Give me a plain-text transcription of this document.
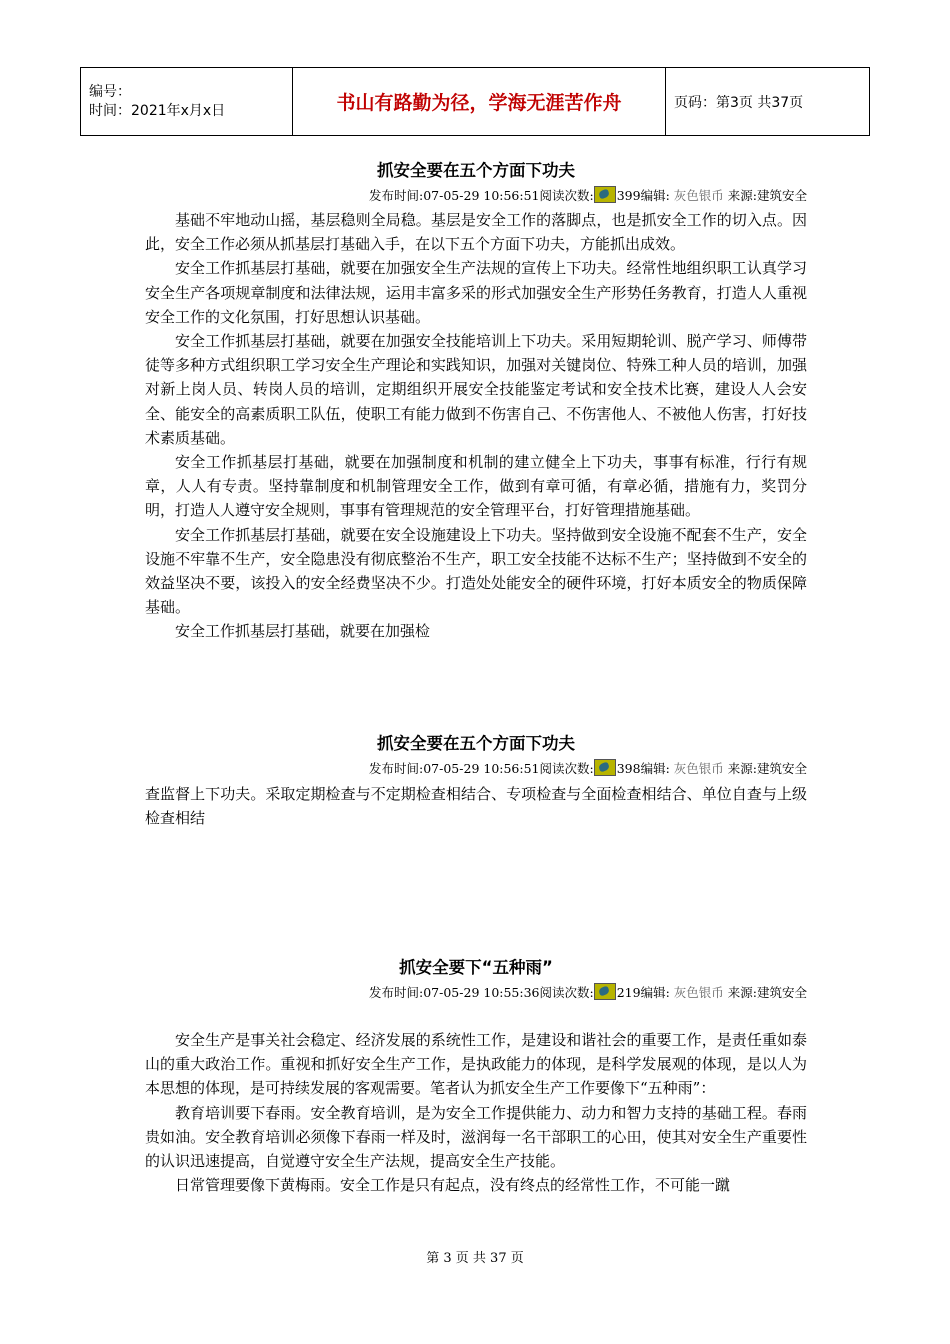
编号：
时间：2021年x月x日	书山有路勤为径，学海无涯苦作舟	页码：第3页 共37页
抓安全要在五个方面下功夫
发布时间:07-05-29 10:56:51阅读次数: 399编辑: 灰色银币 来源:建筑安全

基础不牢地动山摇，基层稳则全局稳。基层是安全工作的落脚点，也是抓安全工作的切入点。因此，安全工作必须从抓基层打基础入手，在以下五个方面下功夫，方能抓出成效。

安全工作抓基层打基础，就要在加强安全生产法规的宣传上下功夫。经常性地组织职工认真学习安全生产各项规章制度和法律法规，运用丰富多采的形式加强安全生产形势任务教育，打造人人重视安全工作的文化氛围，打好思想认识基础。

安全工作抓基层打基础，就要在加强安全技能培训上下功夫。采用短期轮训、脱产学习、师傅带徒等多种方式组织职工学习安全生产理论和实践知识，加强对关键岗位、特殊工种人员的培训，加强对新上岗人员、转岗人员的培训，定期组织开展安全技能鉴定考试和安全技术比赛，建设人人会安全、能安全的高素质职工队伍，使职工有能力做到不伤害自己、不伤害他人、不被他人伤害，打好技术素质基础。

安全工作抓基层打基础，就要在加强制度和机制的建立健全上下功夫，事事有标准，行行有规章，人人有专责。坚持靠制度和机制管理安全工作，做到有章可循，有章必循，措施有力，奖罚分明，打造人人遵守安全规则，事事有管理规范的安全管理平台，打好管理措施基础。

安全工作抓基层打基础，就要在安全设施建设上下功夫。坚持做到安全设施不配套不生产，安全设施不牢靠不生产，安全隐患没有彻底整治不生产，职工安全技能不达标不生产；坚持做到不安全的效益坚决不要，该投入的安全经费坚决不少。打造处处能安全的硬件环境，打好本质安全的物质保障基础。

安全工作抓基层打基础，就要在加强检

抓安全要在五个方面下功夫
发布时间:07-05-29 10:56:51阅读次数: 398编辑: 灰色银币 来源:建筑安全

查监督上下功夫。采取定期检查与不定期检查相结合、专项检查与全面检查相结合、单位自查与上级检查相结

抓安全要下“五种雨”
发布时间:07-05-29 10:55:36阅读次数: 219编辑: 灰色银币 来源:建筑安全

安全生产是事关社会稳定、经济发展的系统性工作，是建设和谐社会的重要工作，是责任重如泰山的重大政治工作。重视和抓好安全生产工作，是执政能力的体现，是科学发展观的体现，是以人为本思想的体现，是可持续发展的客观需要。笔者认为抓安全生产工作要像下“五种雨”：

教育培训要下春雨。安全教育培训，是为安全工作提供能力、动力和智力支持的基础工程。春雨贵如油。安全教育培训必须像下春雨一样及时，滋润每一名干部职工的心田，使其对安全生产重要性的认识迅速提高，自觉遵守安全生产法规，提高安全生产技能。

日常管理要像下黄梅雨。安全工作是只有起点，没有终点的经常性工作，不可能一蹴

第 3 页 共 37 页
